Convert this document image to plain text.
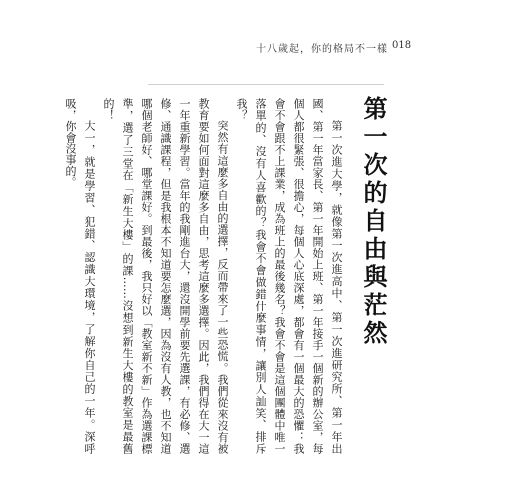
十八歲起，你的格局不一樣 018
第一次的自由與茫然

第一次進大學，就像第一次進高中、第一次進研究所、第一年出國、第一年當家長、第一年開始上班、第一年接手一個新的辦公室，每個人都很緊張、很擔心，每個人心底深處，都會有一個最大的恐懼：我會不會跟不上課業，成為班上的最後幾名？我會不會是這個團體中唯一落單的、沒有人喜歡的？我會不會做錯什麼事情，讓別人訕笑、排斥我？

突然有這麼多自由的選擇，反而帶來了一些恐慌。我們從來沒有被教育要如何面對這麼多自由，思考這麼多選擇。因此，我們得在大一這一年重新學習。當年的我剛進台大，還沒開學前要先選課，有必修、選修、通識課程，但是我根本不知道要怎麼選，因為沒有人教，也不知道哪個老師好、哪堂課好。到最後，我只好以「教室新不新」作為選課標準，選了三堂在「新生大樓」的課……沒想到新生大樓的教室是最舊的！

大一，就是學習、犯錯、認識大環境，了解你自己的一年。深呼吸，你會沒事的。
